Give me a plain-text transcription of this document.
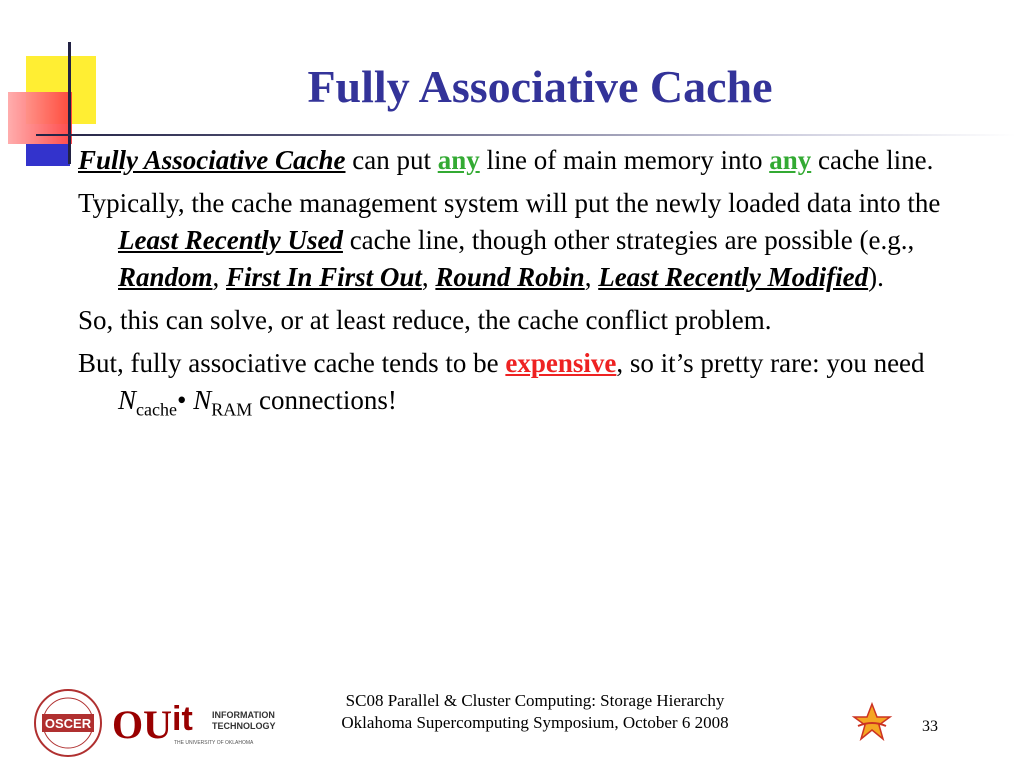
Fully Associative Cache

Fully Associative Cache can put any line of main memory into any cache line.

Typically, the cache management system will put the newly loaded data into the Least Recently Used cache line, though other strategies are possible (e.g., Random, First In First Out, Round Robin, Least Recently Modified).

So, this can solve, or at least reduce, the cache conflict problem.

But, fully associative cache tends to be expensive, so it’s pretty rare: you need $N_{cache}•$ $N_{RAM}$ connections!

OSCER OU it INFORMATION
TECHNOLOGY
THE UNIVERSITY OF OKLAHOMA
SC08 Parallel & Cluster Computing: Storage Hierarchy
Oklahoma Supercomputing Symposium, October 6 2008	33
